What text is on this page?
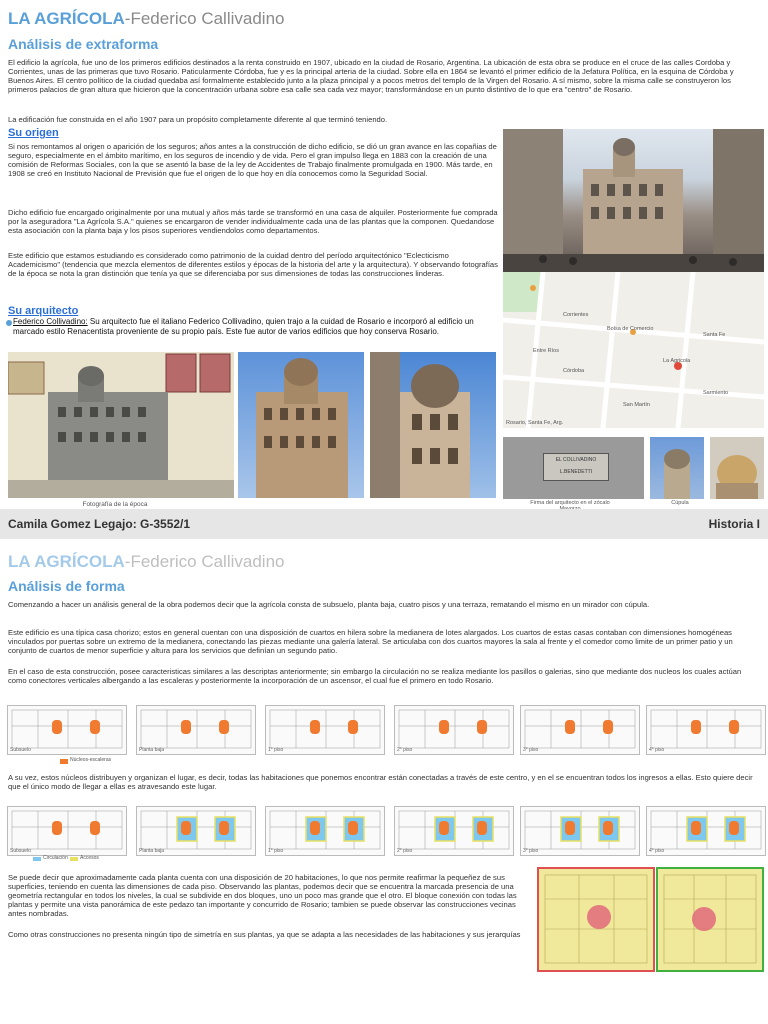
LA AGRÍCOLA-Federico Callivadino
Análisis de extraforma
El edificio la agrícola, fue uno de los primeros edificios destinados a la renta construido en 1907, ubicado en la ciudad de Rosario, Argentina. La ubicación de esta obra se produce en el cruce de las calles Cordoba y Corrientes, unas de las primeras que tuvo Rosario. Paticularmente Córdoba, fue y es la principal arteria de la ciudad. Sobre ella en 1864 se levantó el primer edificio de la Jefatura Política, en la esquina de Córdoba y Buenos Aires. El centro político de la ciudad quedaba así formalmente establecido junto a la plaza principal y a pocos metros del templo de la Virgen del Rosario. A sí mismo, sobre la misma calle se construyeron los primeros palacios de gran altura que hicieron que la concentración urbana sobre esa calle sea cada vez mayor; transformándose en un punto distintivo de lo que era "centro" de Rosario.
La edificación fue construida en el año 1907 para un propósito completamente diferente al que terminó teniendo.
Su origen
Si nos remontamos al origen o aparición de los seguros; años antes a la construcción de dicho edificio, se dió un gran avance en las copañias de seguro, especialmente en el ámbito marítimo, en los seguros de incendio y de vida. Pero el gran impulso llega en 1883 con la creación de una comisión de Reformas Sociales, con la que se asentó la base de la ley de Accidentes de Trabajo finalmente promulgada en 1900. Más tarde, en 1908 se creó en Instituto Nacional de Previsión que fue el origen de lo que hoy en día conocemos como la Seguridad Social.
Dicho edificio fue encargado originalmente por una mutual y años más tarde se transformó en una casa de alquiler. Posteriormente fue comprada por la aseguradora "La Agrícola S.A." quienes se encargaron de vender individualmente cada una de las plantas que la componen. Quedandose esta asociación con la planta baja y los pisos superiores vendiendolos como departamentos.
Este edificio que estamos estudiando es considerado como patrimonio de la cuidad dentro del período arquitectónico "Eclecticismo Academicismo" (tendencia que mezcla elementos de diferentes estilos y épocas de la historia del arte y la arquitectura). Y observando fotografías de la época se nota la gran distinción que tenía ya que se diferenciaba por sus dimensiones de todas las construcciones linderas.
Su arquitecto
Federico Collivadino: Su arquitecto fue el italiano Federico Collivadino, quien trajo a la cuidad de Rosario e incorporó al edificio un marcado estilo Renacentista proveniente de su propio país. Este fue autor de varios edificios que hoy conserva Rosario.	Bolsa de Comercio
La Agricola
Corrientes
Córdoba
Santa Fe
Sarmiento
San Martín
Entre Ríos
Rosario, Santa Fe, Arg.
EL COLLIVADINO L.BENEDETTI
Firma del arquitecto en el zócalo	Cúpula
Fotografía de la época
Camila Gomez Legajo: G-3552/1	Historia I
LA AGRÍCOLA-Federico Callivadino
Análisis de forma
Comenzando a hacer un análisis general de la obra podemos decir que la agrícola consta de subsuelo, planta baja, cuatro pisos y una terraza, rematando el mismo en un mirador con cúpula.
Este edificio es una típica casa chorizo; estos en general cuentan con una disposición de cuartos en hilera sobre la medianera de lotes alargados. Los cuartos de estas casas contaban con dimensiones homogéneas vinculados por puertas sobre un extremo de la medianera, conectando las piezas mediante una galería lateral. Se articulaba con dos cuartos mayores la sala al frente y el comedor como limite de un primer patio y un conjunto de cuartos de menor superficie y altura para los servicios que definían un segundo patio.
En el caso de esta construcción, posee caracteristicas similares a las descriptas anteriormente; sin embargo la circulación no se realiza mediante los pasillos o galerias, sino que mediante dos nucleos los cuales actúan como conectores verticales albergando a las escaleras y posteriormente la incorporación de un ascensor, el cual fue el primero en todo Rosario.
Subsuelo	Planta baja	1° piso	2° piso	3° piso	4° piso
Núcleos-escaleras
A su vez, estos núcleos distribuyen y organizan el lugar, es decir, todas las habitaciones que ponemos encontrar están conectadas a través de este centro, y en el se encuentran todos los ingresos a ellas. Esto quiere decir que el único modo de llegar a ellas es atravesando este lugar.
Subsuelo	Planta baja	1° piso	2° piso	3° piso	4° piso
Circulación Accesos
Se puede decir que aproximadamente cada planta cuenta con una disposición de 20 habitaciones, lo que nos permite reafirmar la pequeñez de sus superficies, teniendo en cuenta las dimensiones de cada piso. Observando las plantas, podemos decir que se encuentra la marcada presencia de una geometría rectangular en todos los niveles, la cual se subdivide en dos bloques, uno un poco mas grande que el otro. El bloque conexión con todas las plantas y permite una vista panorámica de este pedazo tan importante y concurrido de Rosario; tambien se puede observar las construcciones vecinas antes nombradas.
Como otras construcciones no presenta ningún tipo de simetría en sus plantas, ya que se adapta a las necesidades de las habitaciones y sus jerarquías
